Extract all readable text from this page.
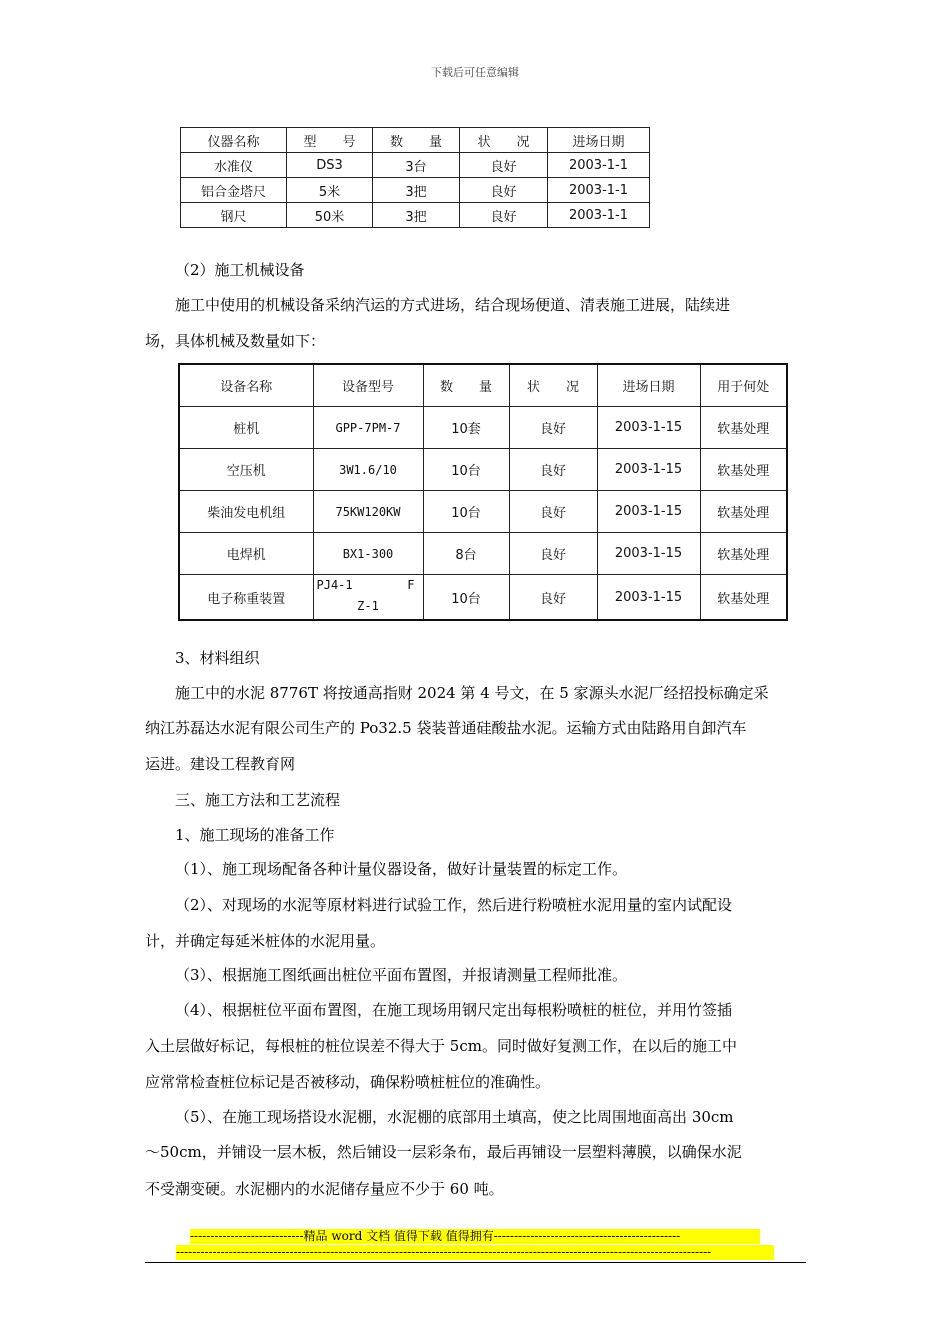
下载后可任意编辑
仪器名称	型　　号	数　　量	状　　况	进场日期
水准仪	DS3	3台	良好	2003-1-1
铝合金塔尺	5米	3把	良好	2003-1-1
钢尺	50米	3把	良好	2003-1-1
（2）施工机械设备
施工中使用的机械设备采纳汽运的方式进场，结合现场便道、清表施工进展，陆续进
场，具体机械及数量如下：
设备名称	设备型号	数　　量	状　　况	进场日期	用于何处
桩机	GPP-7PM-7	10套	良好	2003-1-15	软基处理
空压机	3W1.6/10	10台	良好	2003-1-15	软基处理
柴油发电机组	75KW120KW	10台	良好	2003-1-15	软基处理
电焊机	BX1-300	8台	良好	2003-1-15	软基处理
电子称重装置	PJ4-1 F
Z-1	10台	良好	2003-1-15	软基处理
3、材料组织
施工中的水泥 8776T 将按通高指财 2024 第 4 号文，在 5 家源头水泥厂经招投标确定采
纳江苏磊达水泥有限公司生产的 Po32.5 袋装普通硅酸盐水泥。运输方式由陆路用自卸汽车
运进。建设工程教育网
三、施工方法和工艺流程
1、施工现场的准备工作
（1）、施工现场配备各种计量仪器设备，做好计量装置的标定工作。
（2）、对现场的水泥等原材料进行试验工作，然后进行粉喷桩水泥用量的室内试配设
计，并确定每延米桩体的水泥用量。
（3）、根据施工图纸画出桩位平面布置图，并报请测量工程师批准。
（4）、根据桩位平面布置图，在施工现场用钢尺定出每根粉喷桩的桩位，并用竹签插
入土层做好标记，每根桩的桩位误差不得大于 5cm。同时做好复测工作，在以后的施工中
应常常检查桩位标记是否被移动，确保粉喷桩桩位的准确性。
（5）、在施工现场搭设水泥棚，水泥棚的底部用土填高，使之比周围地面高出 30cm
～50cm，并铺设一层木板，然后铺设一层彩条布，最后再铺设一层塑料薄膜，以确保水泥
不受潮变硬。水泥棚内的水泥储存量应不少于 60 吨。
----------------------------精品 word 文档 值得下载 值得拥有----------------------------------------------
------------------------------------------------------------------------------------------------------------------------------------
